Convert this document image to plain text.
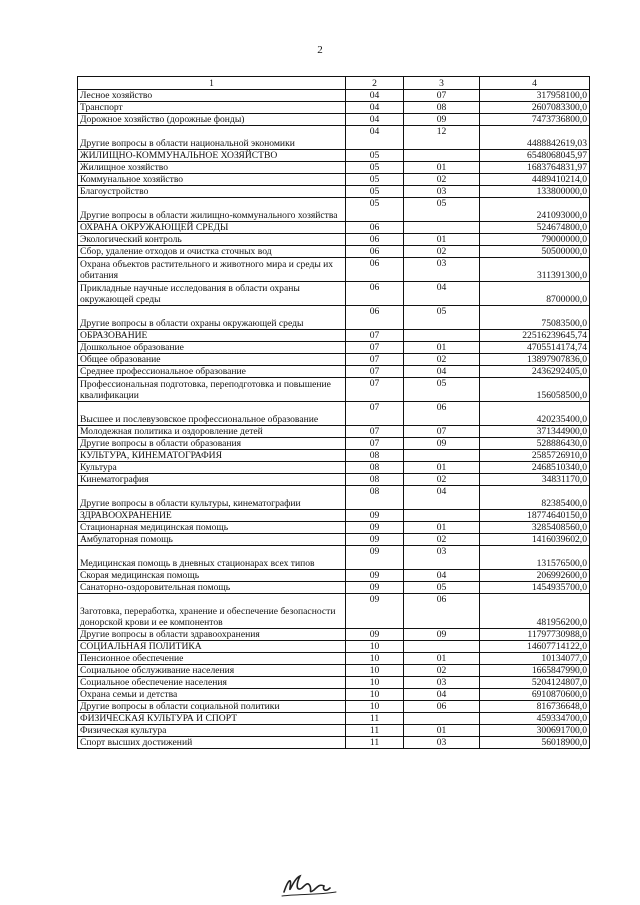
2
1	2	3	4
Лесное хозяйство	04	07	317958100,0
Транспорт	04	08	2607083300,0
Дорожное хозяйство (дорожные фонды)	04	09	7473736800,0
Другие вопросы в области национальной экономики	04	12	4488842619,03
ЖИЛИЩНО-КОММУНАЛЬНОЕ ХОЗЯЙСТВО	05		6548068045,97
Жилищное хозяйство	05	01	1683764831,97
Коммунальное хозяйство	05	02	4489410214,0
Благоустройство	05	03	133800000,0
Другие вопросы в области жилищно-коммунального хозяйства	05	05	241093000,0
ОХРАНА ОКРУЖАЮЩЕЙ СРЕДЫ	06		524674800,0
Экологический контроль	06	01	79000000,0
Сбор, удаление отходов и очистка сточных вод	06	02	50500000,0
Охрана объектов растительного и животного мира и среды их обитания	06	03	311391300,0
Прикладные научные исследования в области охраны окружающей среды	06	04	8700000,0
Другие вопросы в области охраны окружающей среды	06	05	75083500,0
ОБРАЗОВАНИЕ	07		22516239645,74
Дошкольное образование	07	01	4705514174,74
Общее образование	07	02	13897907836,0
Среднее профессиональное образование	07	04	2436292405,0
Профессиональная подготовка, переподготовка и повышение квалификации	07	05	156058500,0
Высшее и послевузовское профессиональное образование	07	06	420235400,0
Молодежная политика и оздоровление детей	07	07	371344900,0
Другие вопросы в области образования	07	09	528886430,0
КУЛЬТУРА, КИНЕМАТОГРАФИЯ	08		2585726910,0
Культура	08	01	2468510340,0
Кинематография	08	02	34831170,0
Другие вопросы в области культуры, кинематографии	08	04	82385400,0
ЗДРАВООХРАНЕНИЕ	09		18774640150,0
Стационарная медицинская помощь	09	01	3285408560,0
Амбулаторная помощь	09	02	1416039602,0
Медицинская помощь в дневных стационарах всех типов	09	03	131576500,0
Скорая медицинская помощь	09	04	206992600,0
Санаторно-оздоровительная помощь	09	05	1454935700,0
Заготовка, переработка, хранение и обеспечение безопасности донорской крови и ее компонентов	09	06	481956200,0
Другие вопросы в области здравоохранения	09	09	11797730988,0
СОЦИАЛЬНАЯ ПОЛИТИКА	10		14607714122,0
Пенсионное обеспечение	10	01	10134077,0
Социальное обслуживание населения	10	02	1665847990,0
Социальное обеспечение населения	10	03	5204124807,0
Охрана семьи и детства	10	04	6910870600,0
Другие вопросы в области социальной политики	10	06	816736648,0
ФИЗИЧЕСКАЯ КУЛЬТУРА И СПОРТ	11		459334700,0
Физическая культура	11	01	300691700,0
Спорт высших достижений	11	03	56018900,0
